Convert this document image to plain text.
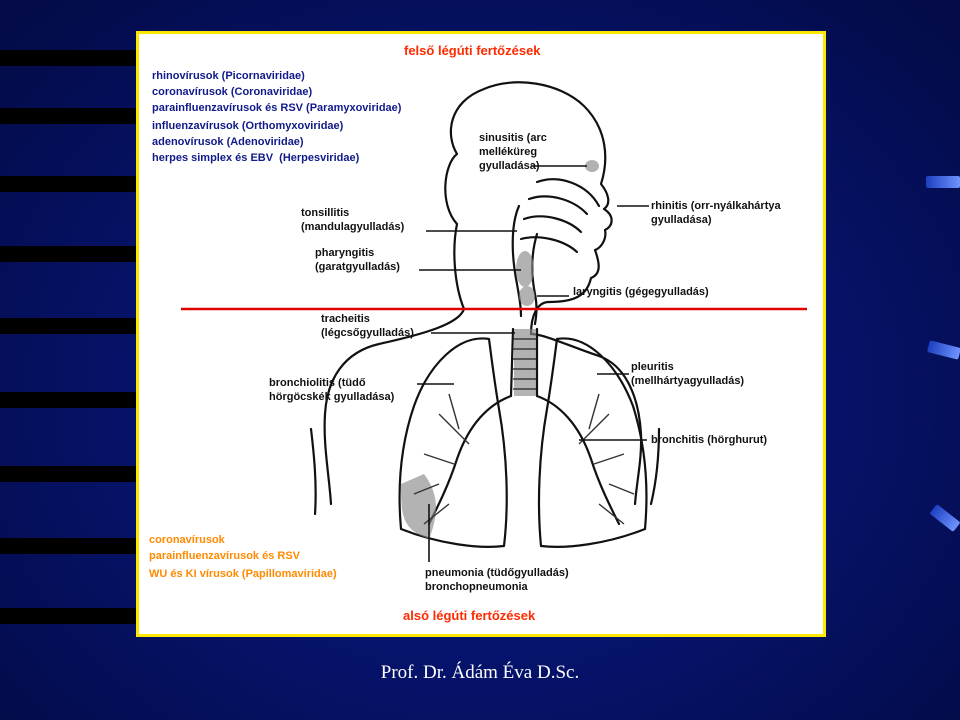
felső légúti fertőzések
rhinovírusok (Picornaviridae)
coronavírusok (Coronaviridae)
parainfluenzavírusok és RSV (Paramyxoviridae)
influenzavírusok (Orthomyxoviridae)
adenovírusok (Adenoviridae)
herpes simplex és EBV  (Herpesviridae)
sinusitis (arc
melléküreg
gyulladása)
rhinitis (orr-nyálkahártya
gyulladása)
tonsillitis
(mandulagyulladás)
pharyngitis
(garatgyulladás)
laryngitis (gégegyulladás)
tracheitis
(légcsőgyulladás)
bronchiolitis (tüdő
hörgöcskék gyulladása)
pleuritis
(mellhártyagyulladás)
bronchitis (hörghurut)
pneumonia (tüdőgyulladás)
bronchopneumonia
coronavírusok
parainfluenzavírusok és RSV
WU és KI vírusok (Papillomaviridae)
alsó légúti fertőzések
Prof. Dr. Ádám Éva D.Sc.
